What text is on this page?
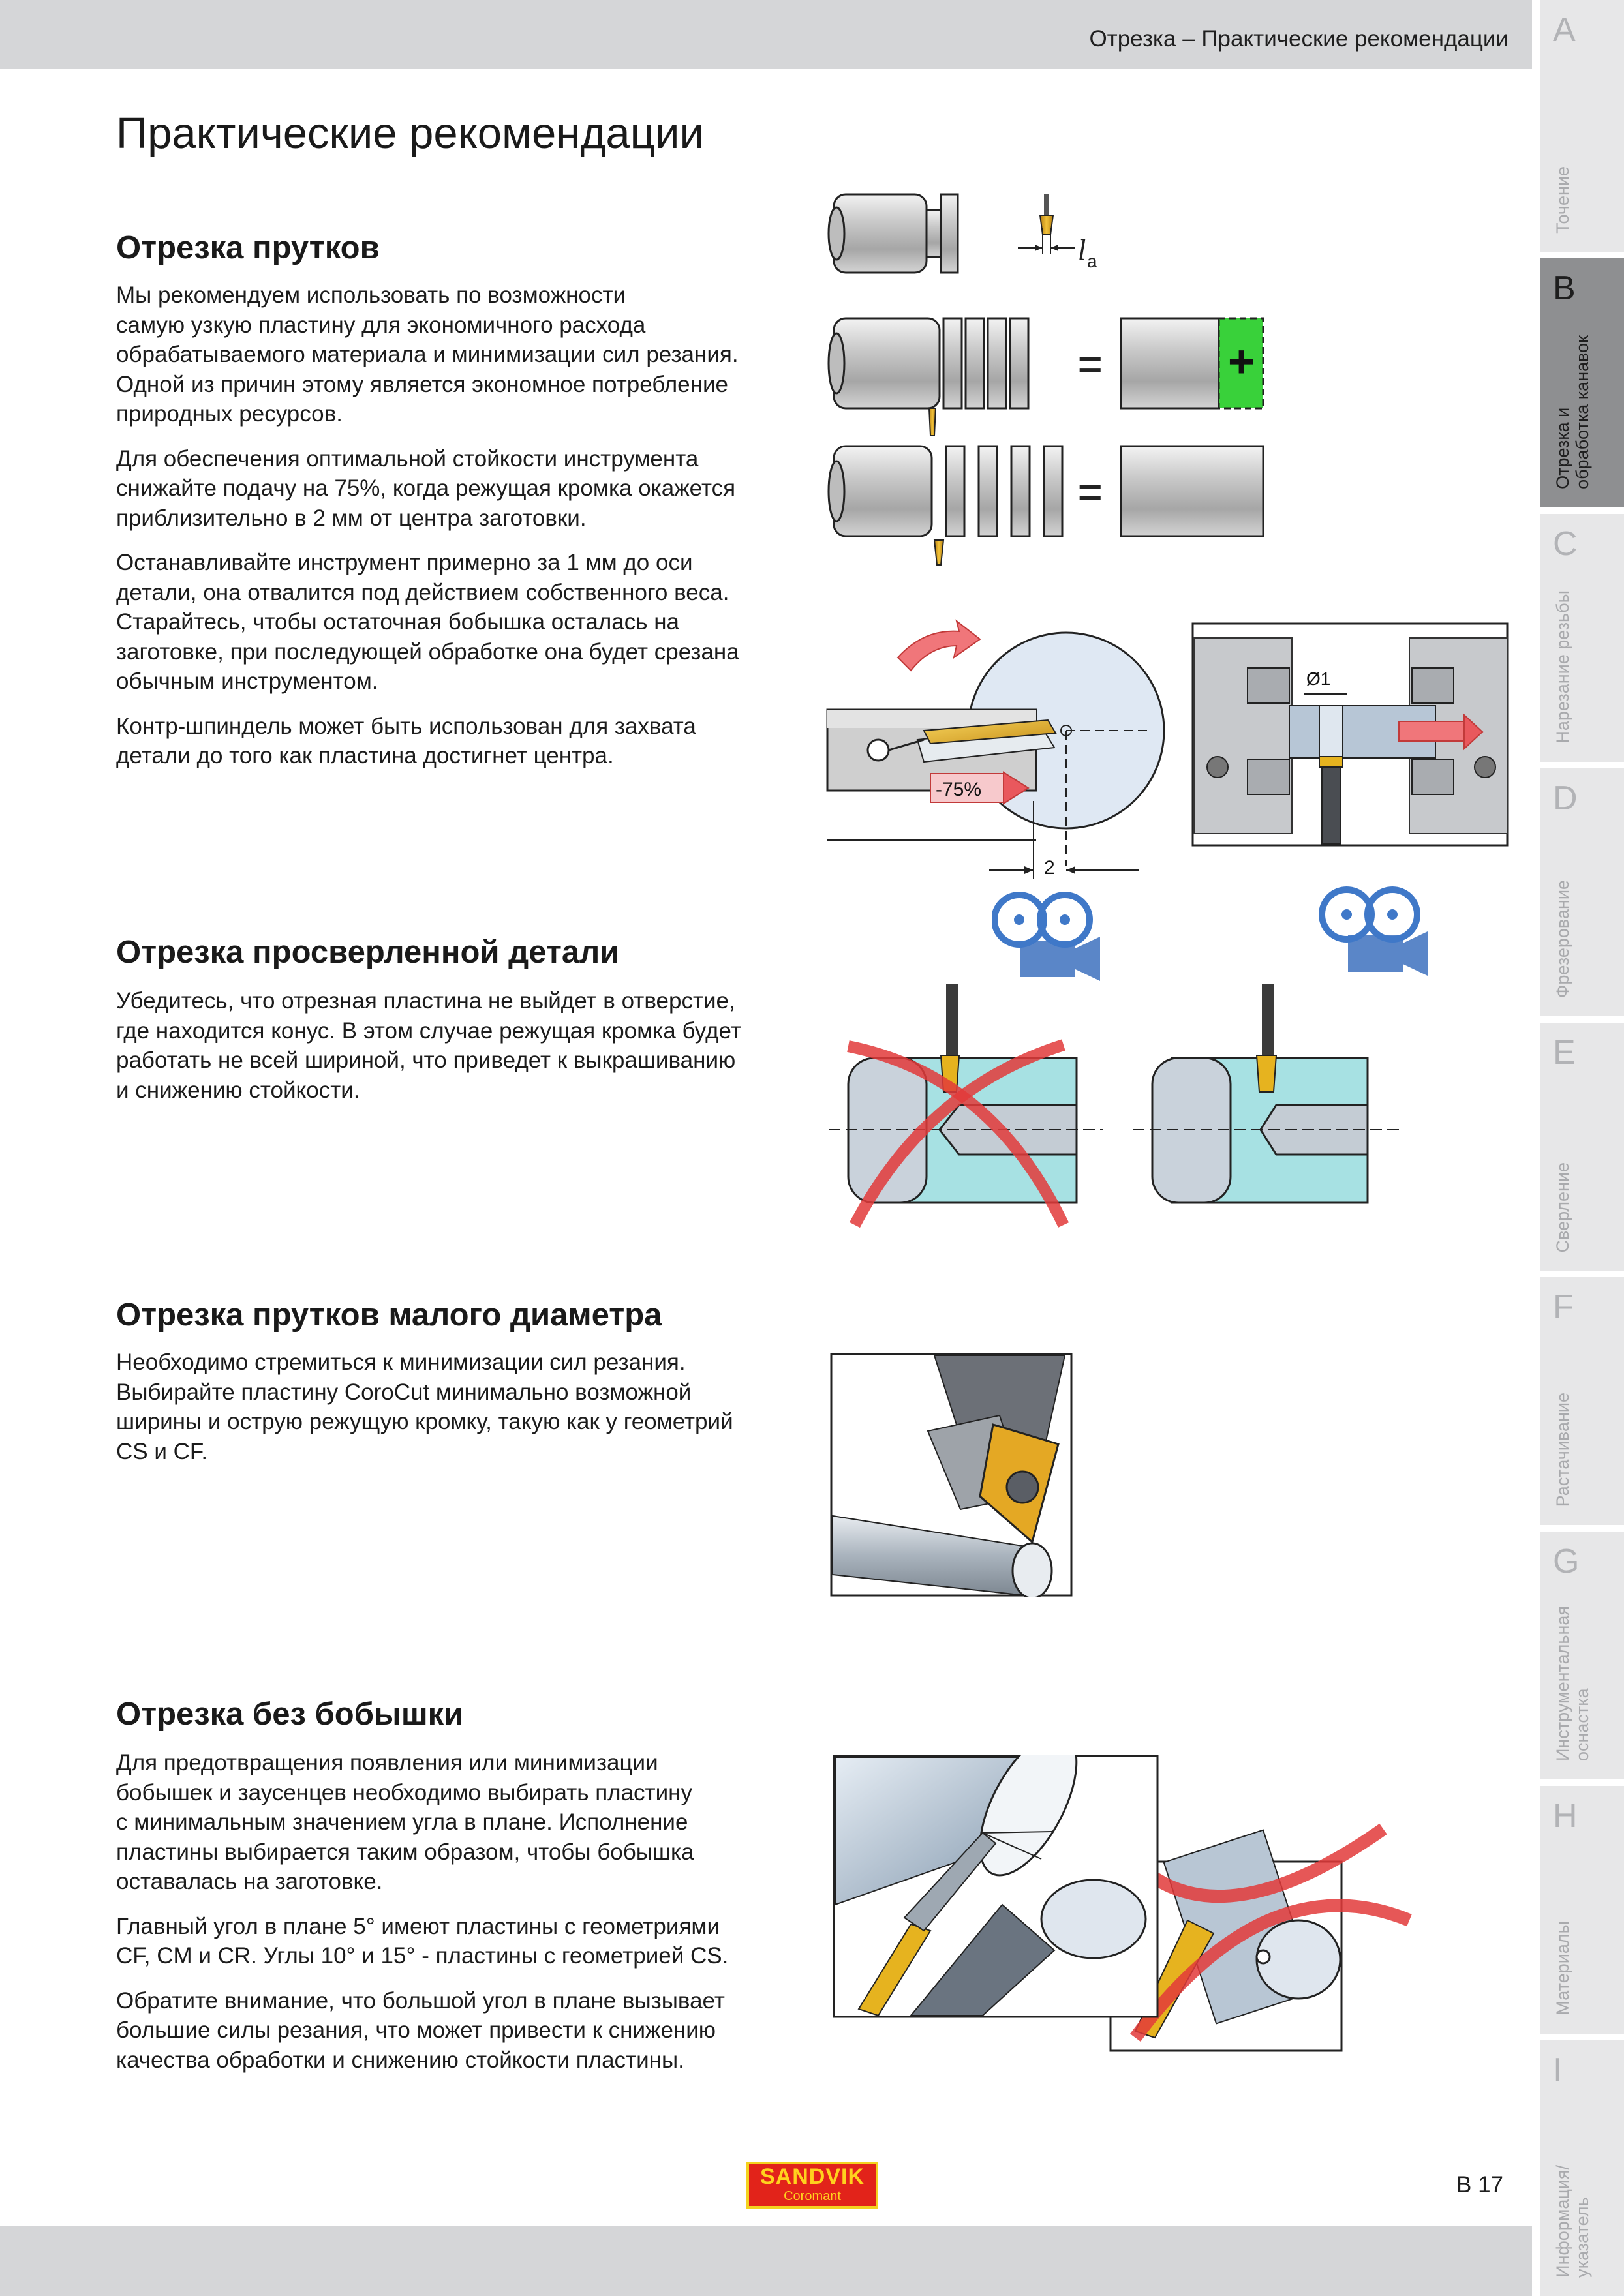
Отрезка – Практические рекомендации A
Точение
B
Отрезка и
обработка канавок
C
Нарезание резьбы
D
Фрезерование
E
Сверление
F
Растачивание
G
Инструментальная
оснастка
H
Материалы
I
Информация/
указатель
Практические рекомендации
Отрезка прутков

Мы рекомендуем использовать по возможности
самую узкую пластину для экономичного расхода
обрабатываемого материала и минимизации сил резания.
Одной из причин этому является экономное потребление
природных ресурсов.

Для обеспечения оптимальной стойкости инструмента
снижайте подачу на 75%, когда режущая кромка окажется
приблизительно в 2 мм от центра заготовки.

Останавливайте инструмент примерно за 1 мм до оси
детали, она отвалится под действием собственного веса.
Старайтесь, чтобы остаточная бобышка осталась на
заготовке, при последующей обработке она будет срезана
обычным инструментом.

Контр-шпиндель может быть использован для захвата
детали до того как пластина достигнет центра.

Отрезка просверленной детали

Убедитесь, что отрезная пластина не выйдет в отверстие,
где находится конус. В этом случае режущая кромка будет
работать не всей шириной, что приведет к выкрашиванию
и снижению стойкости.

Отрезка прутков малого диаметра

Необходимо стремиться к минимизации сил резания.
Выбирайте пластину CoroCut минимально возможной
ширины и острую режущую кромку, такую как у геометрий
CS и CF.

Отрезка без бобышки

Для предотвращения появления или минимизации
бобышек и заусенцев необходимо выбирать пластину
с минимальным значением угла в плане. Исполнение
пластины выбирается таким образом, чтобы бобышка
оставалась на заготовке.

Главный угол в плане 5° имеют пластины с геометриями
CF, CM и CR. Углы 10° и 15° - пластины с геометрией CS.

Обратите внимание, что большой угол в плане вызывает
большие силы резания, что может привести к снижению
качества обработки и снижению стойкости пластины.

l a
=	+
=
-75%
2
Ø1
SANDVIK
Coromant	B 17
